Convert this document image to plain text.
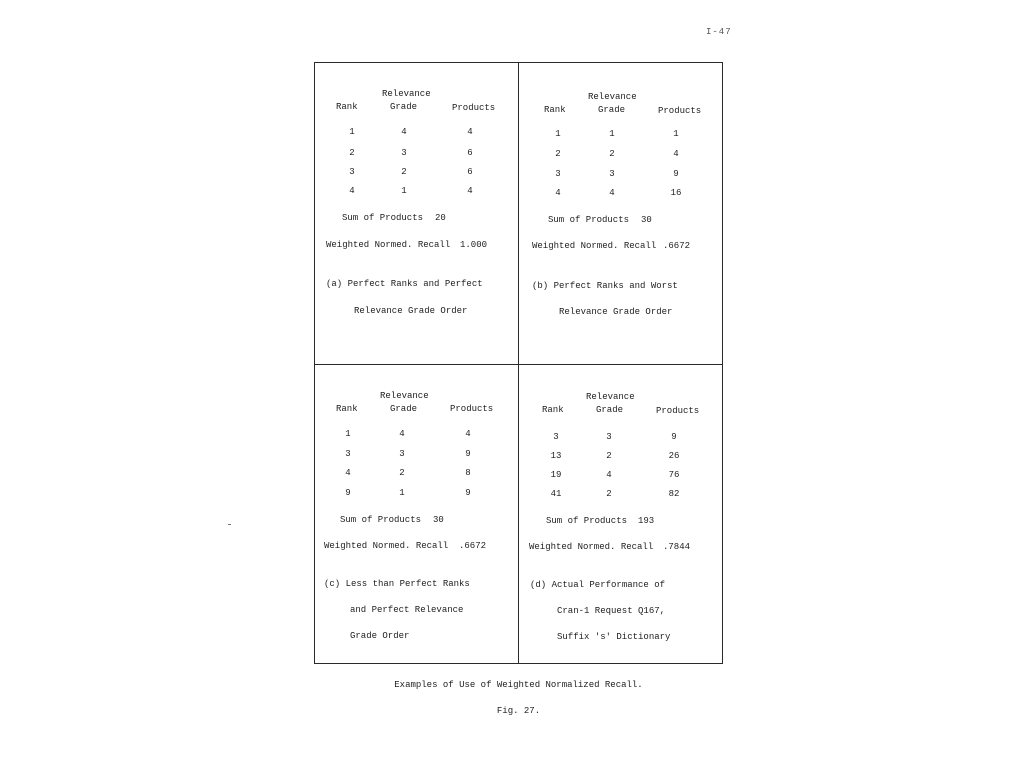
I-47
Relevance
Rank	Grade	Products
1	4	4
2	3	6
3	2	6
4	1	4
Sum of Products 20
Weighted Normed. Recall 1.000
(a) Perfect Ranks and Perfect
Relevance Grade Order
Relevance
Rank	Grade	Products
1	1	1
2	2	4
3	3	9
4	4	16
Sum of Products 30
Weighted Normed. Recall .6672
(b) Perfect Ranks and Worst
Relevance Grade Order
Relevance
Rank	Grade	Products
1	4	4
3	3	9
4	2	8
9	1	9
Sum of Products 30
Weighted Normed. Recall .6672
(c) Less than Perfect Ranks
and Perfect Relevance
Grade Order
Relevance
Rank	Grade	Products
3	3	9
13	2	26
19	4	76
41	2	82
Sum of Products 193
Weighted Normed. Recall .7844
(d) Actual Performance of
Cran-1 Request Q167,
Suffix 's' Dictionary
Examples of Use of Weighted Normalized Recall.
Fig. 27.
